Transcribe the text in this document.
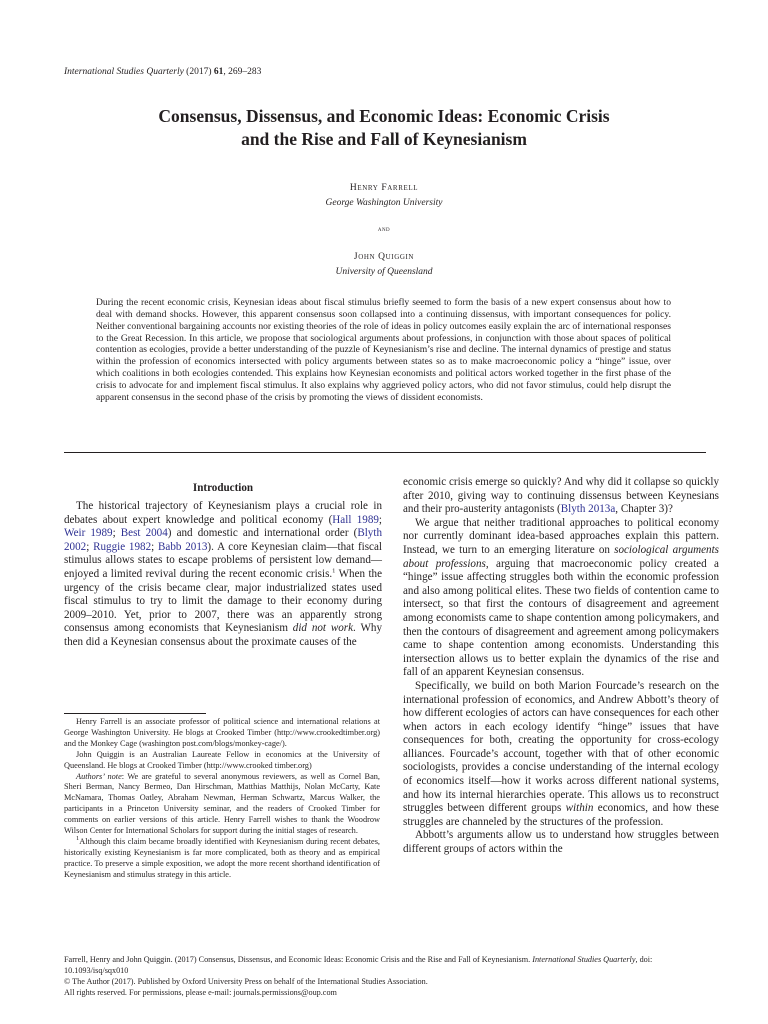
International Studies Quarterly (2017) 61, 269–283
Consensus, Dissensus, and Economic Ideas: Economic Crisis
and the Rise and Fall of Keynesianism
Henry Farrell
George Washington University
and
John Quiggin
University of Queensland
During the recent economic crisis, Keynesian ideas about fiscal stimulus briefly seemed to form the basis of a new expert consensus about how to deal with demand shocks. However, this apparent consensus soon collapsed into a continuing dissensus, with important consequences for policy. Neither conventional bargaining accounts nor existing theories of the role of ideas in policy outcomes easily explain the arc of international responses to the Great Recession. In this article, we propose that sociological arguments about professions, in conjunction with those about spaces of political contention as ecologies, provide a better understanding of the puzzle of Keynesianism’s rise and decline. The internal dynamics of prestige and status within the profession of economics intersected with policy arguments between states so as to make macroeconomic policy a “hinge” issue, over which coalitions in both ecologies contended. This explains how Keynesian economists and political actors worked together in the first phase of the crisis to advocate for and implement fiscal stimulus. It also explains why aggrieved policy actors, who did not favor stimulus, could help disrupt the apparent consensus in the second phase of the crisis by promoting the views of dissident economists.
Introduction

The historical trajectory of Keynesianism plays a crucial role in debates about expert knowledge and political economy (Hall 1989; Weir 1989; Best 2004) and domestic and international order (Blyth 2002; Ruggie 1982; Babb 2013). A core Keynesian claim—that fiscal stimulus allows states to escape problems of persistent low demand—enjoyed a limited revival during the recent economic crisis.$^1$ When the urgency of the crisis became clear, major industrialized states used fiscal stimulus to try to limit the damage to their economy during 2009–2010. Yet, prior to 2007, there was an apparently strong consensus among economists that Keynesianism did not work. Why then did a Keynesian consensus about the proximate causes of the

Henry Farrell is an associate professor of political science and international relations at George Washington University. He blogs at Crooked Timber (http://www.crookedtimber.org) and the Monkey Cage (washington post.com/blogs/monkey-cage/).

John Quiggin is an Australian Laureate Fellow in economics at the University of Queensland. He blogs at Crooked Timber (http://www.crooked timber.org)

Authors’ note: We are grateful to several anonymous reviewers, as well as Cornel Ban, Sheri Berman, Nancy Bermeo, Dan Hirschman, Matthias Matthijs, Nolan McCarty, Kate McNamara, Thomas Oatley, Abraham Newman, Herman Schwartz, Marcus Walker, the participants in a Princeton University seminar, and the readers of Crooked Timber for comments on earlier versions of this article. Henry Farrell wishes to thank the Woodrow Wilson Center for International Scholars for support during the initial stages of research.

$^1$Although this claim became broadly identified with Keynesianism during recent debates, historically existing Keynesianism is far more complicated, both as theory and as empirical practice. To preserve a simple exposition, we adopt the more recent shorthand identification of Keynesianism and stimulus strategy in this article.

economic crisis emerge so quickly? And why did it collapse so quickly after 2010, giving way to continuing dissensus between Keynesians and their pro-austerity antagonists (Blyth 2013a, Chapter 3)?

We argue that neither traditional approaches to political economy nor currently dominant idea-based approaches explain this pattern. Instead, we turn to an emerging literature on sociological arguments about professions, arguing that macroeconomic policy created a “hinge” issue affecting struggles both within the economic profession and also among political elites. These two fields of contention came to intersect, so that first the contours of disagreement and agreement among economists came to shape contention among policymakers, and then the contours of disagreement and agreement among policymakers came to shape contention among economists. Understanding this intersection allows us to better explain the dynamics of the rise and fall of an apparent Keynesian consensus.

Specifically, we build on both Marion Fourcade’s research on the international profession of economics, and Andrew Abbott’s theory of how different ecologies of actors can have consequences for each other when actors in each ecology identify “hinge” issues that have consequences for both, creating the opportunity for cross-ecology alliances. Fourcade’s account, together with that of other economic sociologists, provides a concise understanding of the internal ecology of economics itself—how it works across different national systems, and how its internal hierarchies operate. This allows us to reconstruct struggles between different groups within economics, and how these struggles are channeled by the structures of the profession.

Abbott’s arguments allow us to understand how struggles between different groups of actors within the

Farrell, Henry and John Quiggin. (2017) Consensus, Dissensus, and Economic Ideas: Economic Crisis and the Rise and Fall of Keynesianism. International Studies Quarterly, doi: 10.1093/isq/sqx010

© The Author (2017). Published by Oxford University Press on behalf of the International Studies Association.

All rights reserved. For permissions, please e-mail: journals.permissions@oup.com
